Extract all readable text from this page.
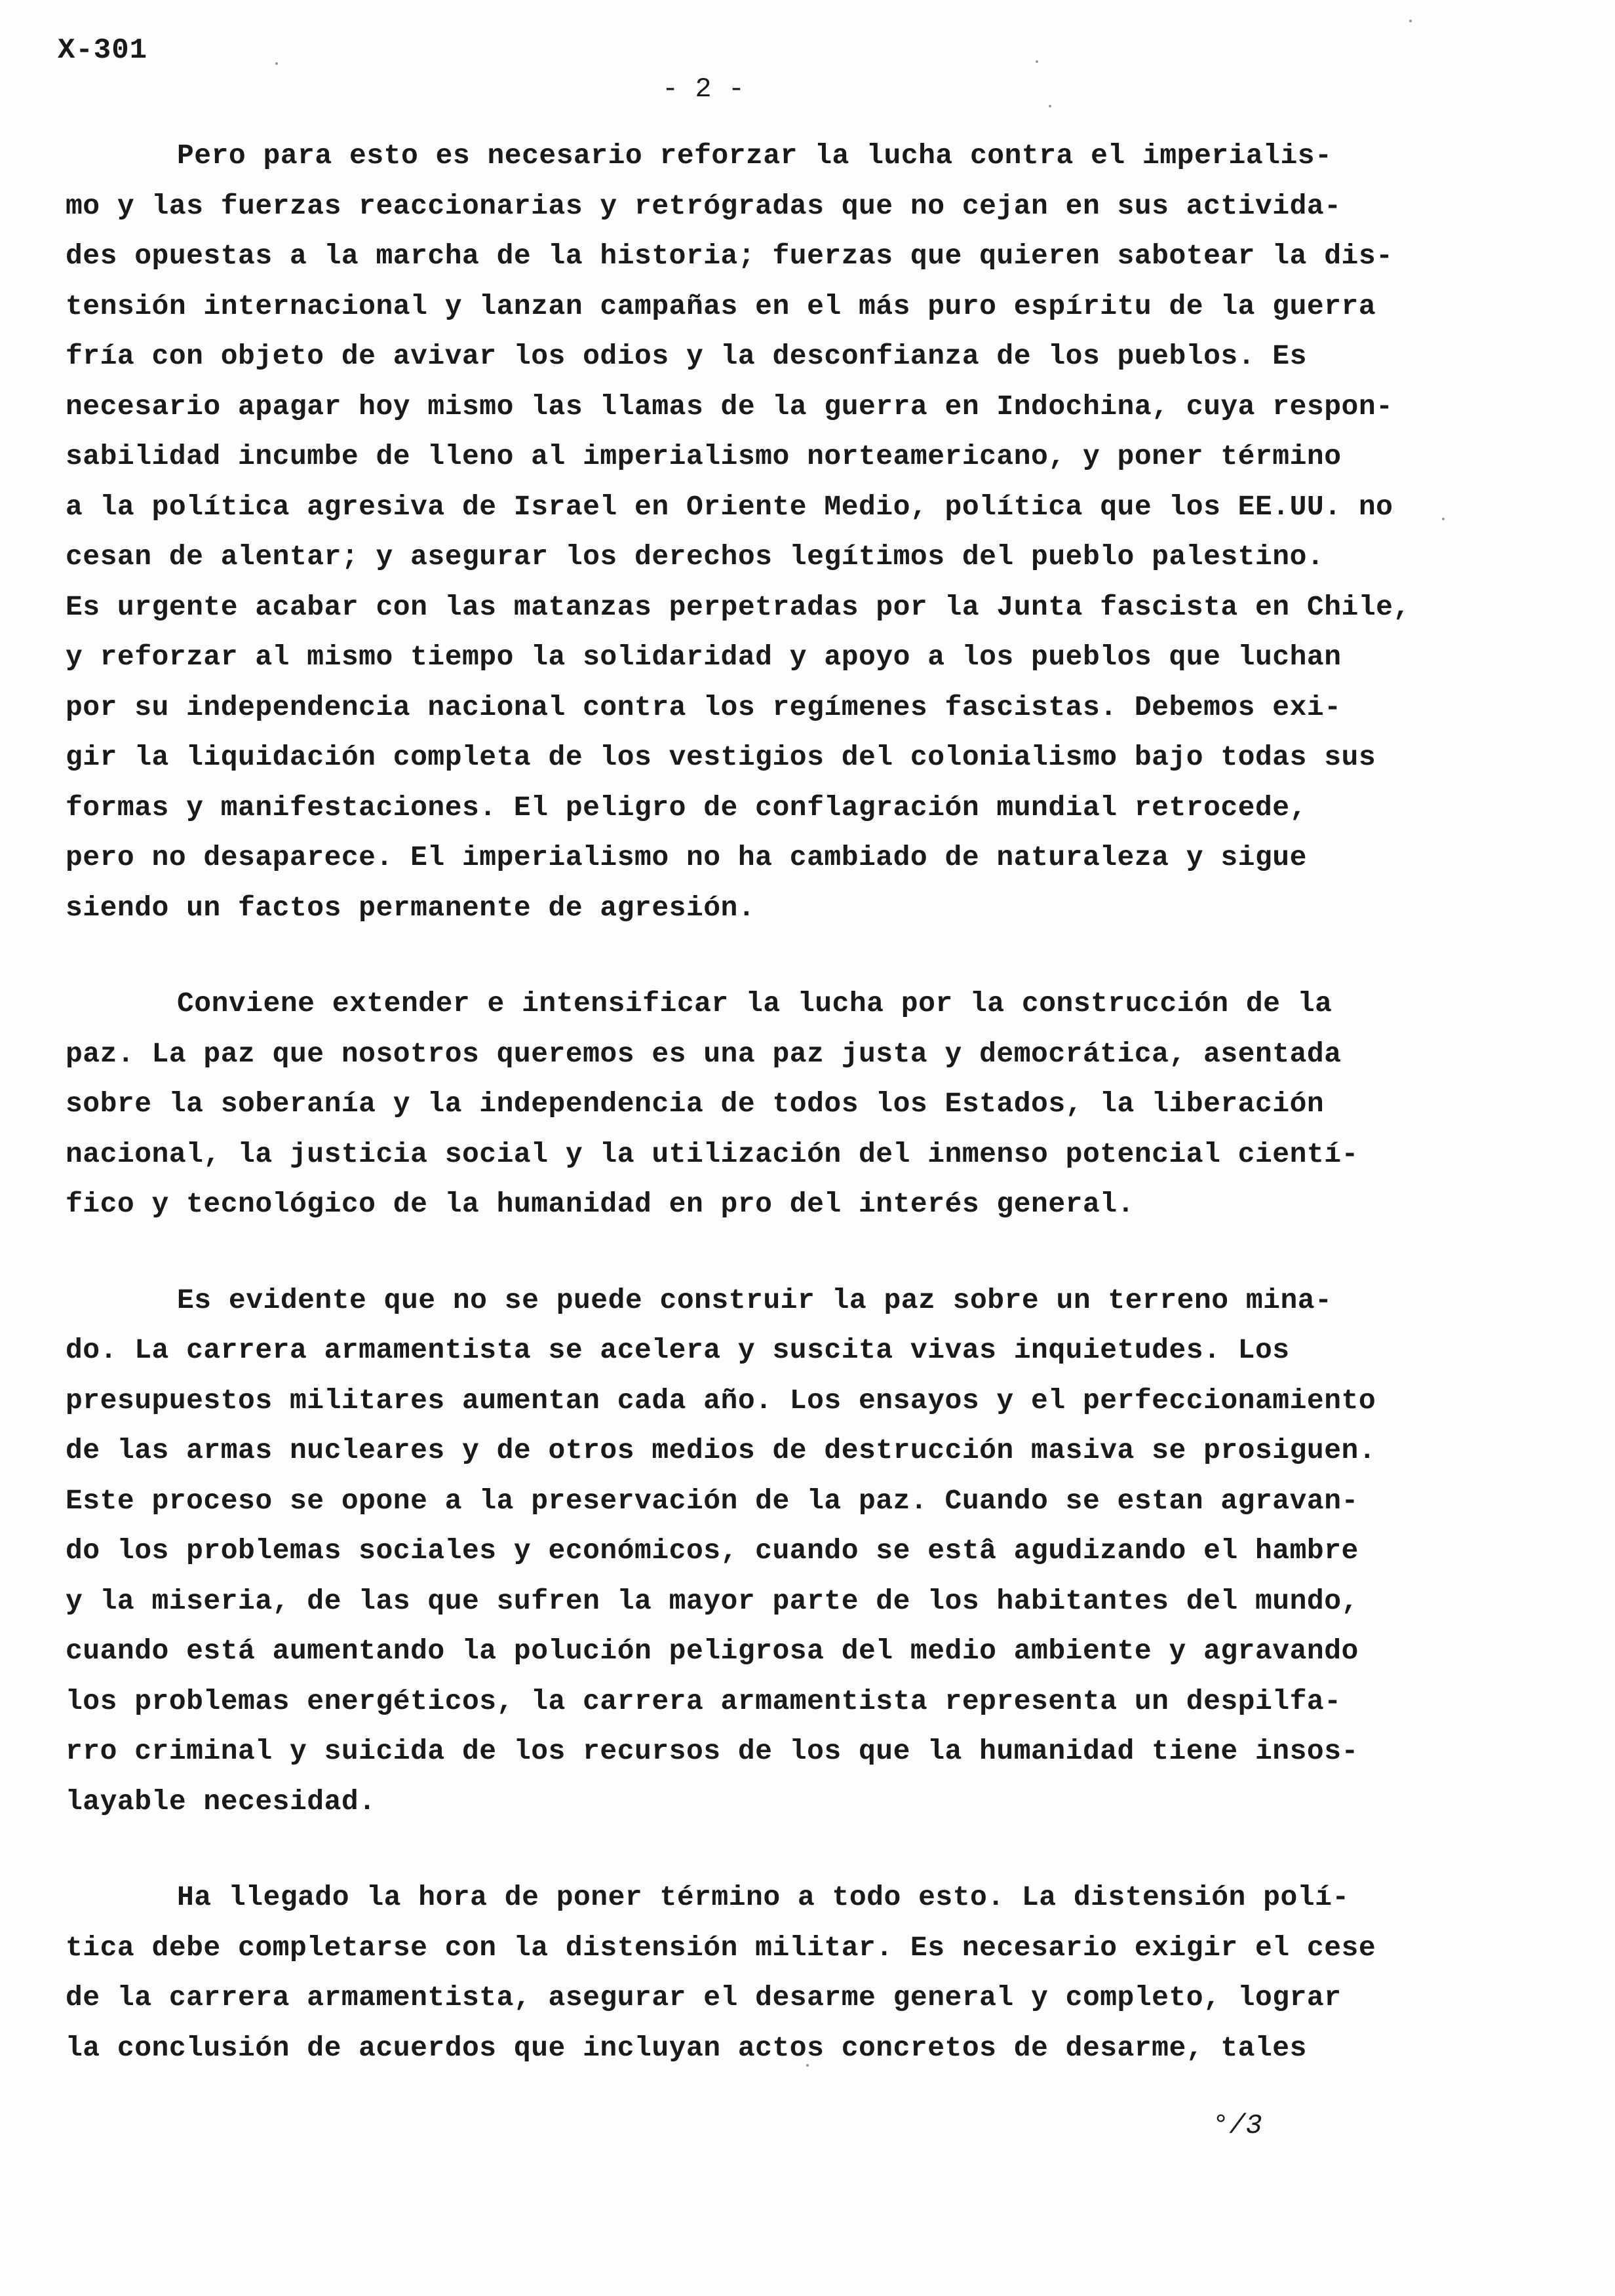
X-301
- 2 -
Pero para esto es necesario reforzar la lucha contra el imperialis-
mo y las fuerzas reaccionarias y retrógradas que no cejan en sus activida-
des opuestas a la marcha de la historia; fuerzas que quieren sabotear la dis-
tensión internacional y lanzan campañas en el más puro espíritu de la guerra
fría con objeto de avivar los odios y la desconfianza de los pueblos. Es
necesario apagar hoy mismo las llamas de la guerra en Indochina, cuya respon-
sabilidad incumbe de lleno al imperialismo norteamericano, y poner término
a la política agresiva de Israel en Oriente Medio, política que los EE.UU. no
cesan de alentar; y asegurar los derechos legítimos del pueblo palestino.
Es urgente acabar con las matanzas perpetradas por la Junta fascista en Chile,
y reforzar al mismo tiempo la solidaridad y apoyo a los pueblos que luchan
por su independencia nacional contra los regímenes fascistas. Debemos exi-
gir la liquidación completa de los vestigios del colonialismo bajo todas sus
formas y manifestaciones. El peligro de conflagración mundial retrocede,
pero no desaparece. El imperialismo no ha cambiado de naturaleza y sigue
siendo un factos permanente de agresión.
Conviene extender e intensificar la lucha por la construcción de la
paz. La paz que nosotros queremos es una paz justa y democrática, asentada
sobre la soberanía y la independencia de todos los Estados, la liberación
nacional, la justicia social y la utilización del inmenso potencial cientí-
fico y tecnológico de la humanidad en pro del interés general.
Es evidente que no se puede construir la paz sobre un terreno mina-
do. La carrera armamentista se acelera y suscita vivas inquietudes. Los
presupuestos militares aumentan cada año. Los ensayos y el perfeccionamiento
de las armas nucleares y de otros medios de destrucción masiva se prosiguen.
Este proceso se opone a la preservación de la paz. Cuando se estan agravan-
do los problemas sociales y económicos, cuando se estâ agudizando el hambre
y la miseria, de las que sufren la mayor parte de los habitantes del mundo,
cuando está aumentando la polución peligrosa del medio ambiente y agravando
los problemas energéticos, la carrera armamentista representa un despilfa-
rro criminal y suicida de los recursos de los que la humanidad tiene insos-
layable necesidad.
Ha llegado la hora de poner término a todo esto. La distensión polí-
tica debe completarse con la distensión militar. Es necesario exigir el cese
de la carrera armamentista, asegurar el desarme general y completo, lograr
la conclusión de acuerdos que incluyan actos concretos de desarme, tales
°/3
